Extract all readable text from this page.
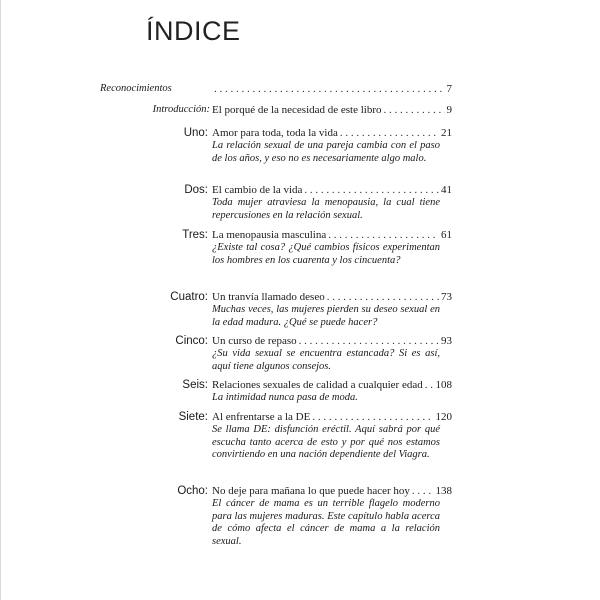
ÍNDICE
Reconocimientos . . .	7
Introducción: El porqué de la necesidad de este libro . . .	9
Uno: Amor para toda, toda la vida . . .	21
La relación sexual de una pareja cambia con el paso de los años, y eso no es necesariamente algo malo.
Dos: El cambio de la vida . . .	41
Toda mujer atraviesa la menopausia, la cual tiene repercusiones en la relación sexual.
Tres: La menopausia masculina . . .	61
¿Existe tal cosa? ¿Qué cambios físicos experimentan los hombres en los cuarenta y los cincuenta?
Cuatro: Un tranvía llamado deseo . . .	73
Muchas veces, las mujeres pierden su deseo sexual en la edad madura. ¿Qué se puede hacer?
Cinco: Un curso de repaso . . .	93
¿Su vida sexual se encuentra estancada? Si es así, aquí tiene algunos consejos.
Seis: Relaciones sexuales de calidad a cualquier edad . . . 108
La intimidad nunca pasa de moda.
Siete: Al enfrentarse a la DE . . .	120
Se llama DE: disfunción eréctil. Aquí sabrá por qué escucha tanto acerca de esto y por qué nos estamos convirtiendo en una nación dependiente del Viagra.
Ocho: No deje para mañana lo que puede hacer hoy . . . 138
El cáncer de mama es un terrible flagelo moderno para las mujeres maduras. Este capítulo habla acerca de cómo afecta el cáncer de mama a la relación sexual.
